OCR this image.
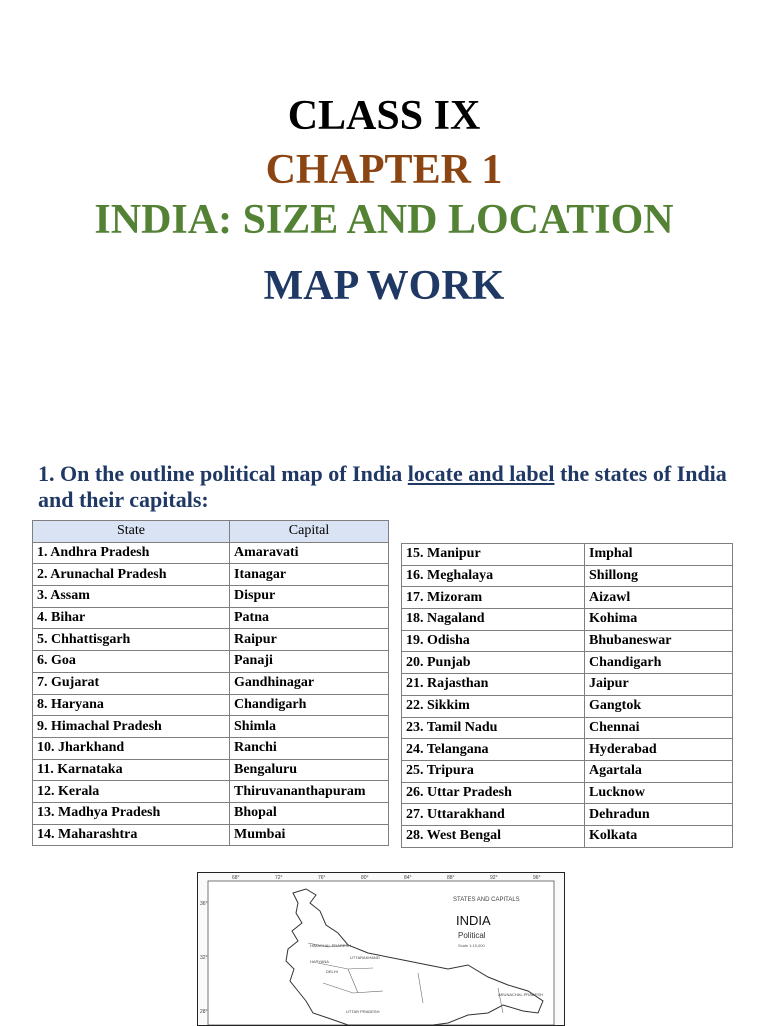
CLASS IX
CHAPTER 1
INDIA: SIZE AND LOCATION
MAP WORK
1. On the outline political map of India locate and label the states of India and their capitals:
State	Capital
1. Andhra Pradesh	Amaravati
2. Arunachal Pradesh	Itanagar
3. Assam	Dispur
4. Bihar	Patna
5. Chhattisgarh	Raipur
6. Goa	Panaji
7. Gujarat	Gandhinagar
8. Haryana	Chandigarh
9. Himachal Pradesh	Shimla
10. Jharkhand	Ranchi
11. Karnataka	Bengaluru
12. Kerala	Thiruvananthapuram
13. Madhya Pradesh	Bhopal
14. Maharashtra	Mumbai
15. Manipur	Imphal
16. Meghalaya	Shillong
17. Mizoram	Aizawl
18. Nagaland	Kohima
19. Odisha	Bhubaneswar
20. Punjab	Chandigarh
21. Rajasthan	Jaipur
22. Sikkim	Gangtok
23. Tamil Nadu	Chennai
24. Telangana	Hyderabad
25. Tripura	Agartala
26. Uttar Pradesh	Lucknow
27. Uttarakhand	Dehradun
28. West Bengal	Kolkata
68°	72°	76°	80°	84°	88°	92°	96°
36°
32°
28°
STATES AND CAPITALS
INDIA
Political
Scale 1:15,000
HIMACHAL PRADESH
HARYANA
DELHI
UTTARAKHAND
UTTAR PRADESH
ARUNACHAL PRADESH
